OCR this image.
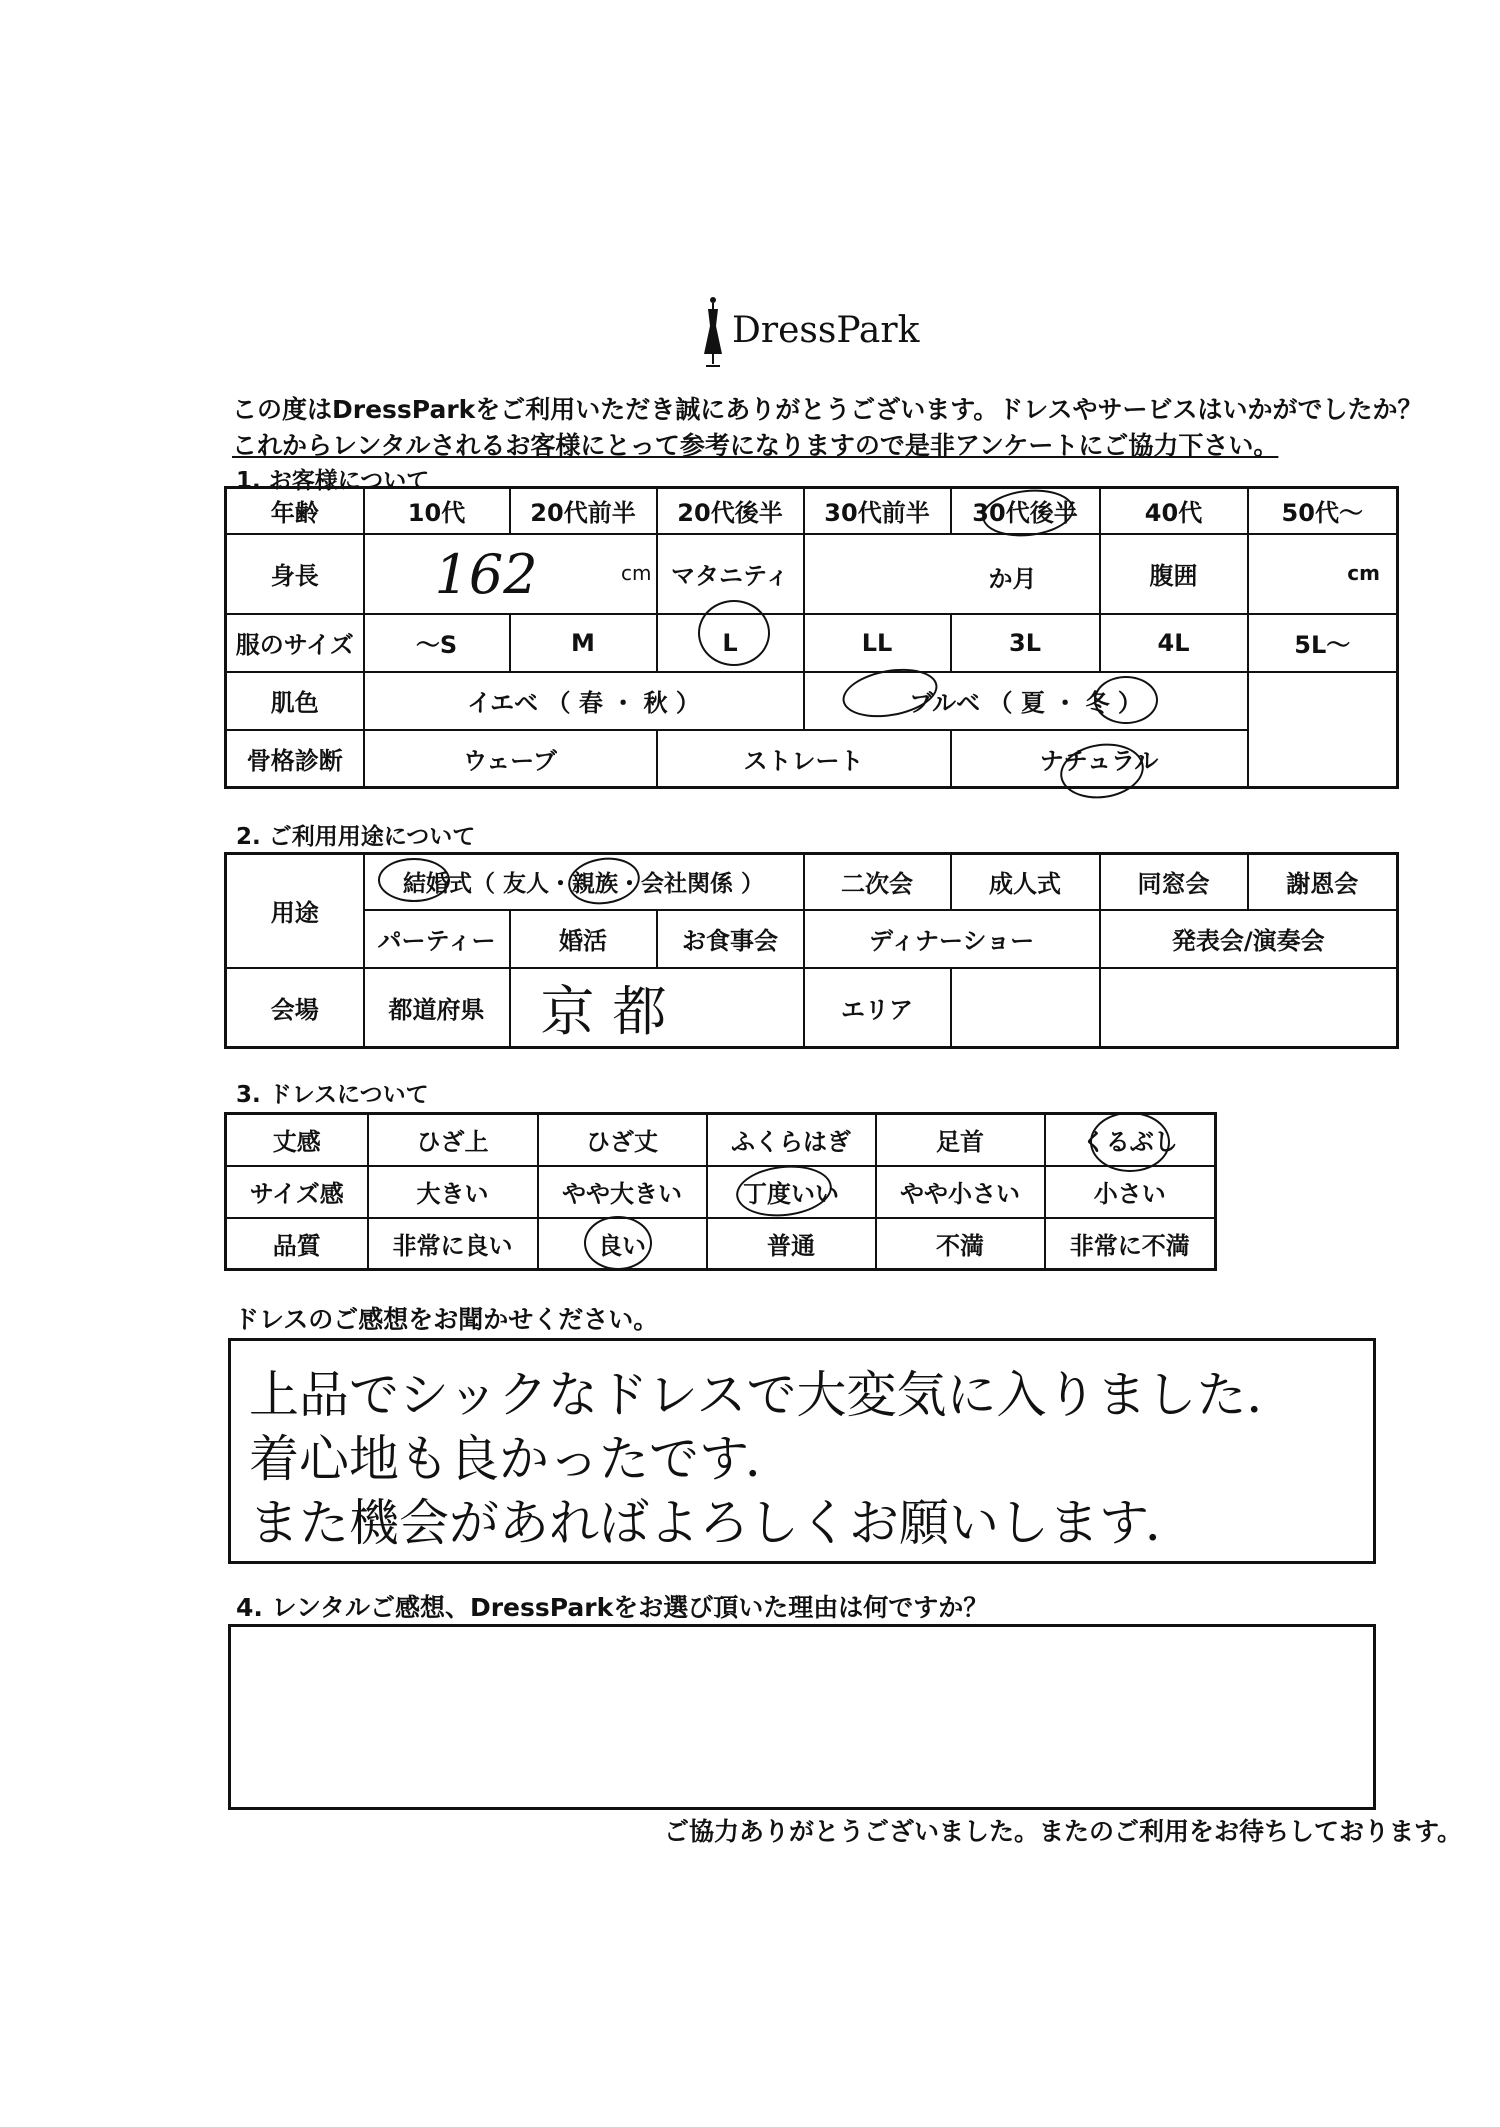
DressPark
この度はDressParkをご利用いただき誠にありがとうございます。ドレスやサービスはいかがでしたか？
これからレンタルされるお客様にとって参考になりますので是非アンケートにご協力下さい。
1. お客様について
年齢	10代	20代前半	20代後半	30代前半	30代後半	40代	50代～
身長	162 cm		マタニティ	か月		腹囲	cm

服のサイズ	～S	M	L	LL	3L	4L	5L～
肌色	イエベ （ 春 ・ 秋 ）			ブルベ （ 夏 ・ 冬 ）			
骨格診断	ウェーブ		ストレート		ナチュラル		
2. ご利用用途について
用途	結婚式（ 友人・親族・会社関係 ）			二次会	成人式	同窓会	謝恩会
	パーティー	婚活	お食事会	ディナーショー		発表会/演奏会	
会場	都道府県	京都		エリア			
3. ドレスについて
丈感	ひざ上	ひざ丈	ふくらはぎ	足首	くるぶし
サイズ感	大きい	やや大きい	丁度いい	やや小さい	小さい
品質	非常に良い	良い	普通	不満	非常に不満
ドレスのご感想をお聞かせください。
上品でシックなドレスで大変気に入りました．
着心地も良かったです．
また機会があればよろしくお願いします．
4. レンタルご感想、DressParkをお選び頂いた理由は何ですか？
ご協力ありがとうございました。またのご利用をお待ちしております。
